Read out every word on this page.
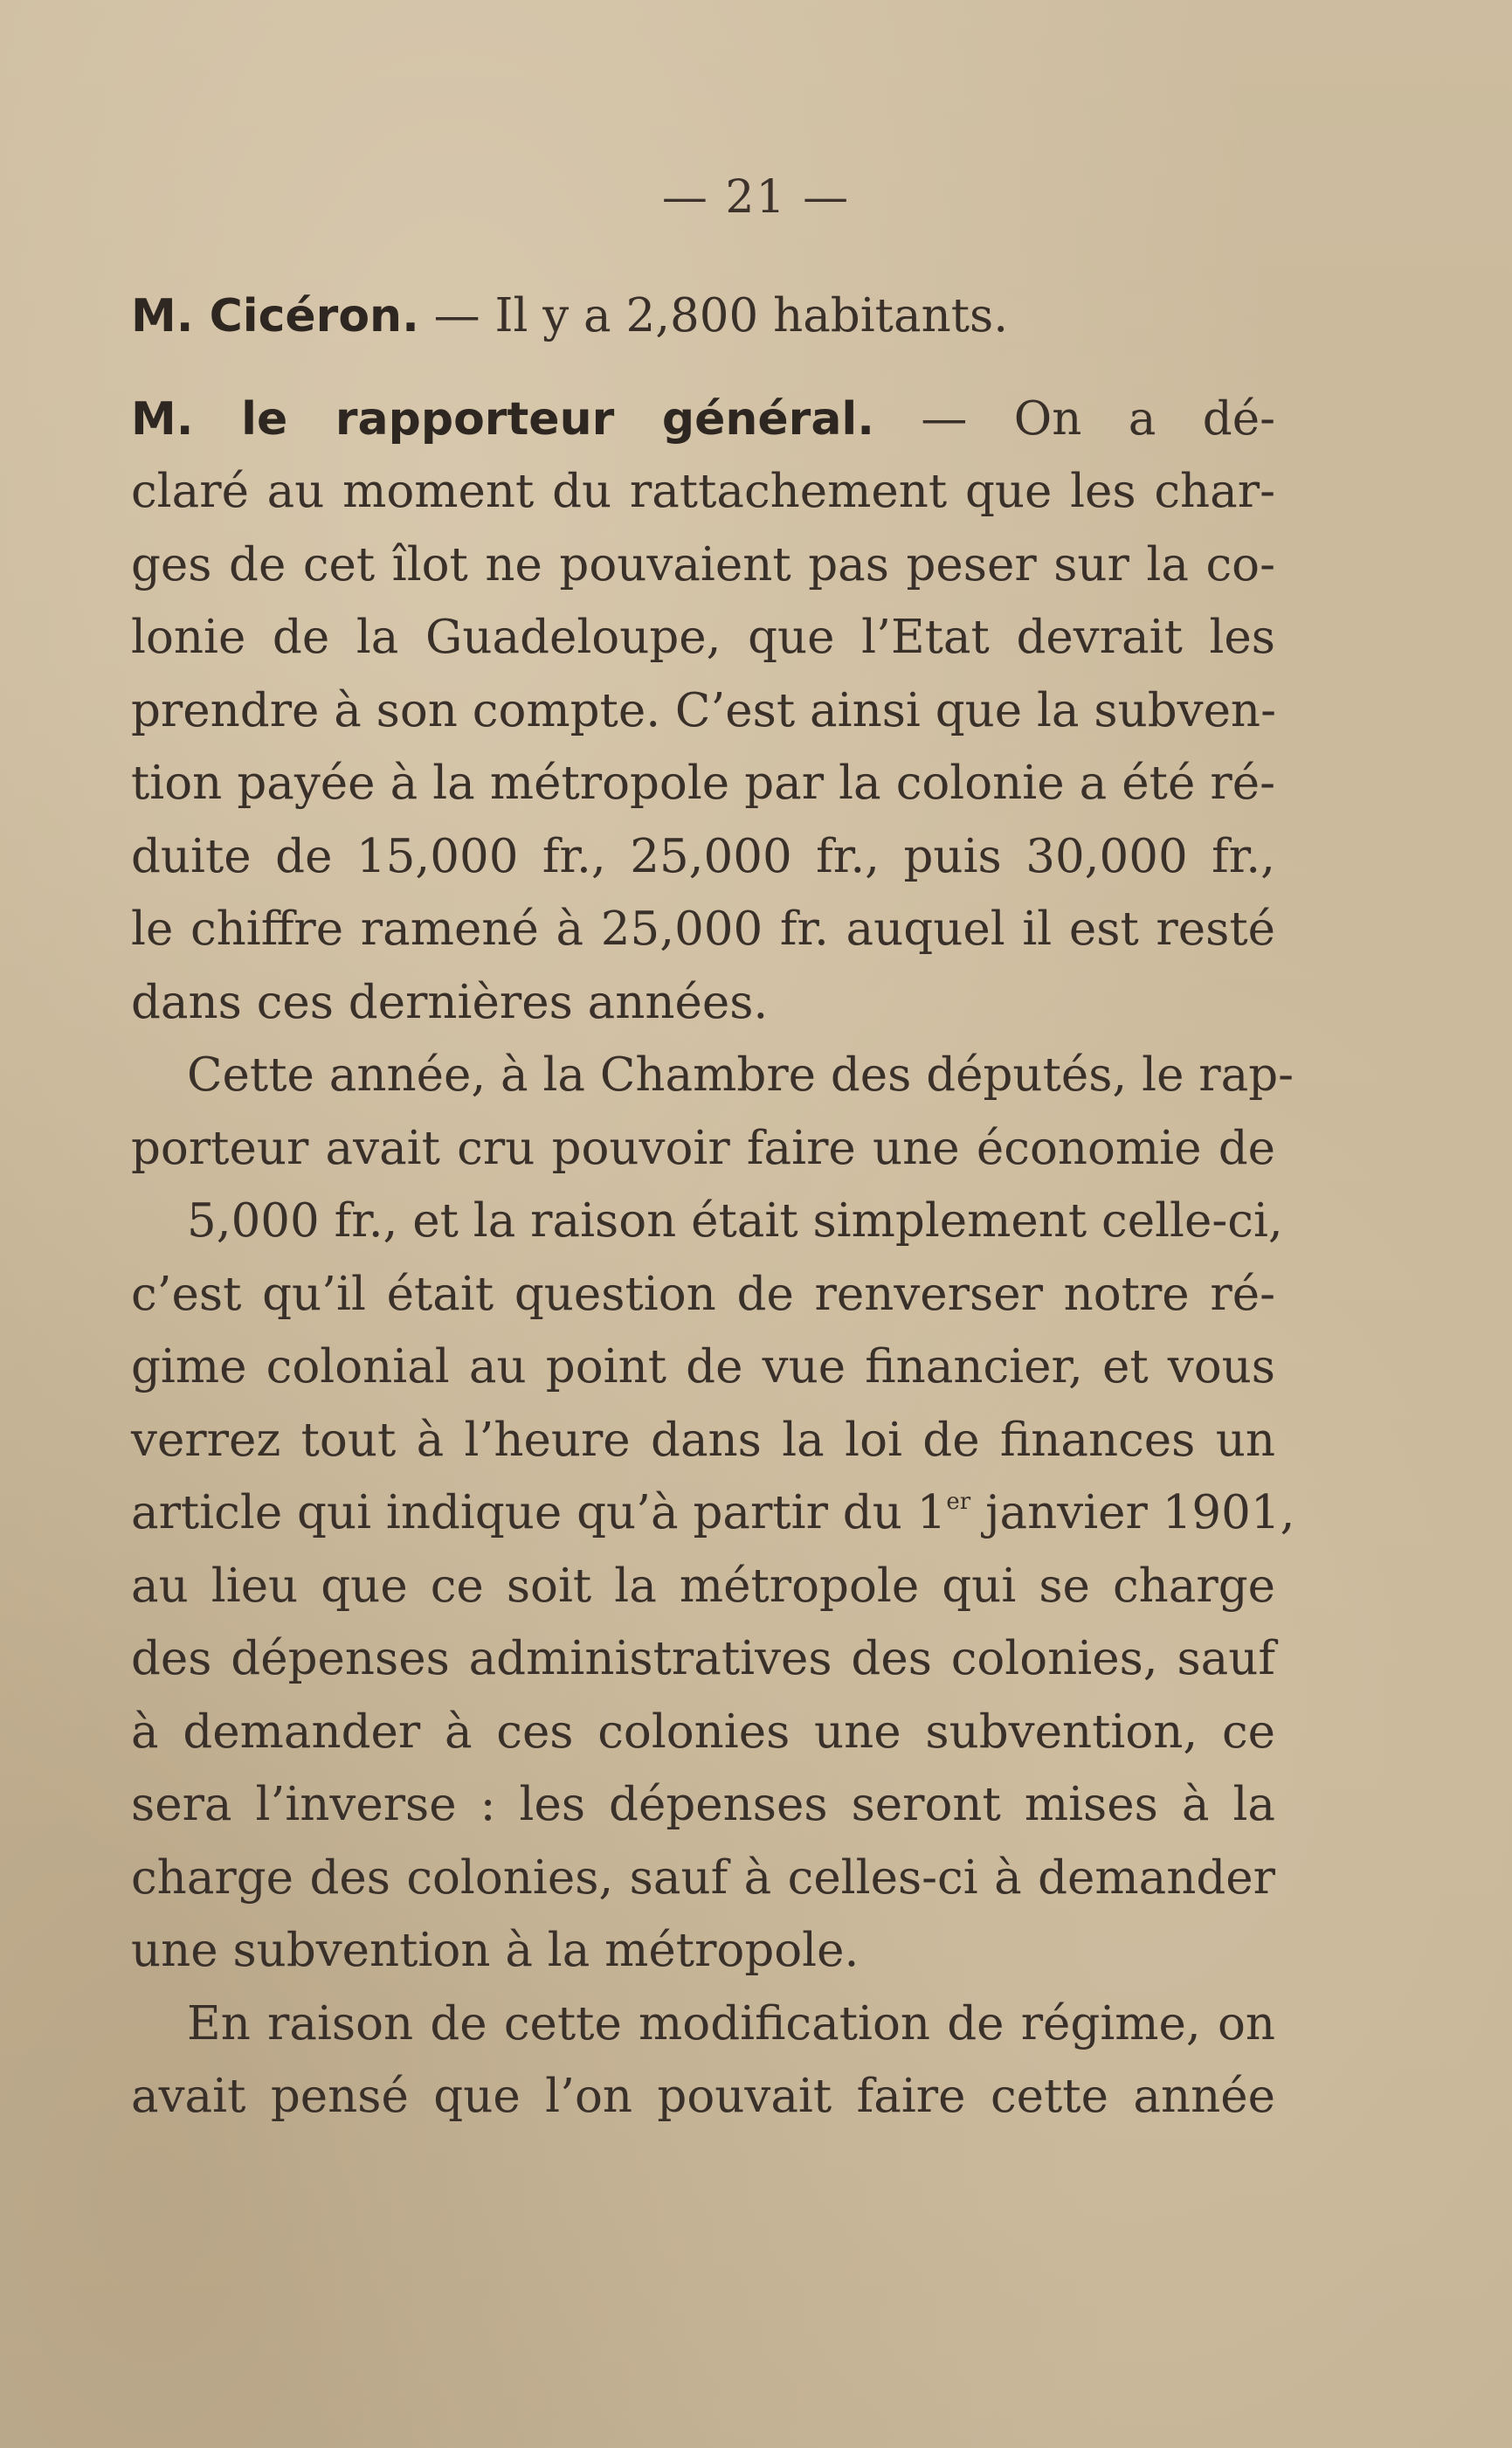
— 21 —
M. Cicéron. — Il y a 2,800 habitants.
M. le rapporteur général. — On a dé-
claré au moment du rattachement que les char-
ges de cet îlot ne pouvaient pas peser sur la co-
lonie de la Guadeloupe, que l’Etat devrait les
prendre à son compte. C’est ainsi que la subven-
tion payée à la métropole par la colonie a été ré-
duite de 15,000 fr., 25,000 fr., puis 30,000 fr.,
le chiffre ramené à 25,000 fr. auquel il est resté
dans ces dernières années.
Cette année, à la Chambre des députés, le rap-
porteur avait cru pouvoir faire une économie de
5,000 fr., et la raison était simplement celle-ci,
c’est qu’il était question de renverser notre ré-
gime colonial au point de vue financier, et vous
verrez tout à l’heure dans la loi de finances un
article qui indique qu’à partir du 1er janvier 1901,
au lieu que ce soit la métropole qui se charge
des dépenses administratives des colonies, sauf
à demander à ces colonies une subvention, ce
sera l’inverse : les dépenses seront mises à la
charge des colonies, sauf à celles-ci à demander
une subvention à la métropole.
En raison de cette modification de régime, on
avait pensé que l’on pouvait faire cette année
